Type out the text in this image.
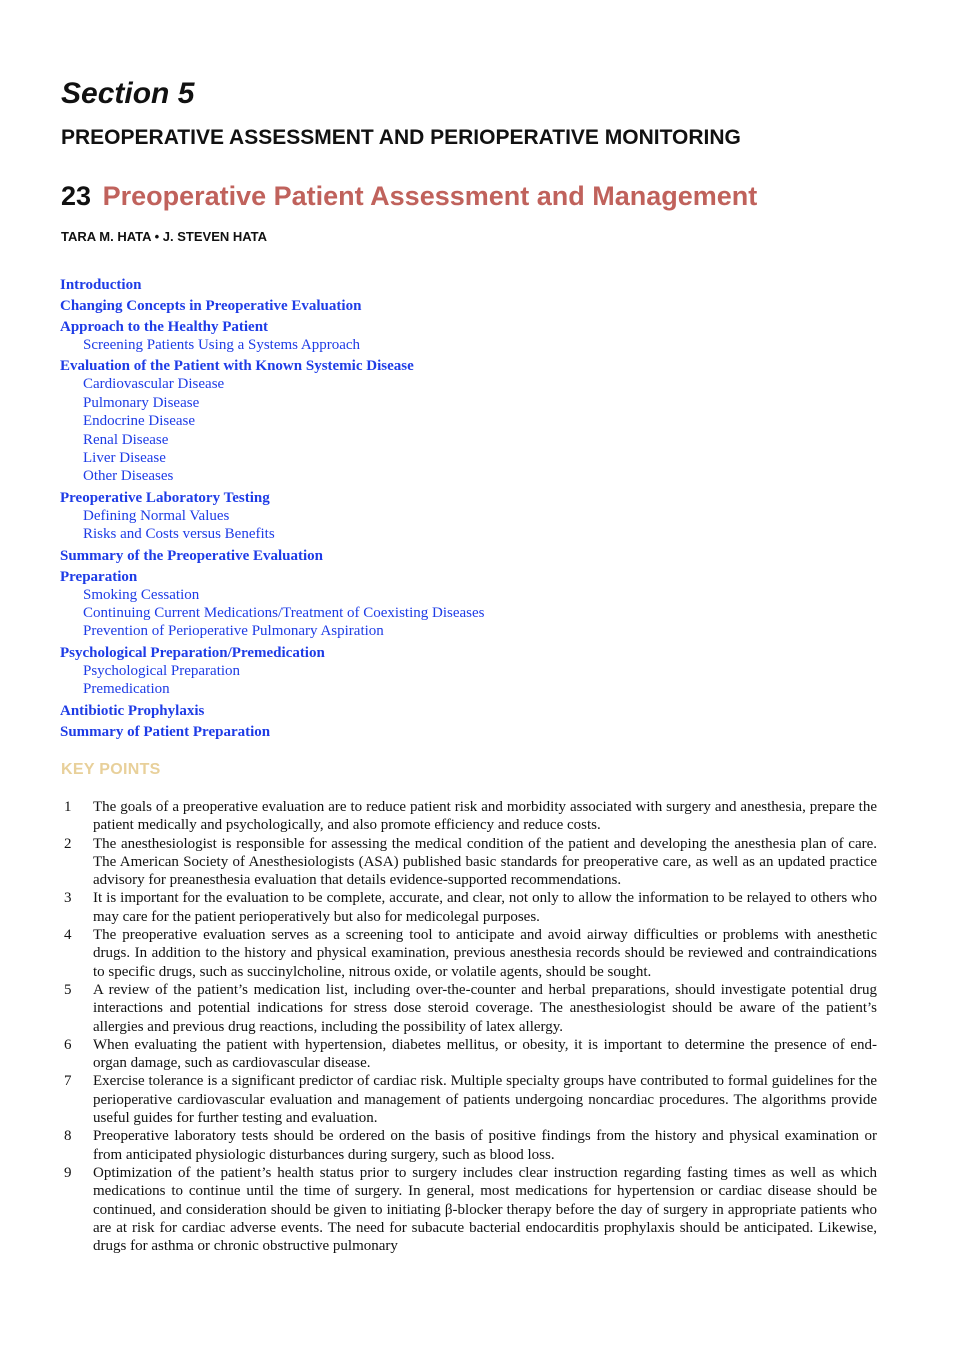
Section 5
PREOPERATIVE ASSESSMENT AND PERIOPERATIVE MONITORING
23 Preoperative Patient Assessment and Management

TARA M. HATA • J. STEVEN HATA

Introduction
Changing Concepts in Preoperative Evaluation
Approach to the Healthy Patient
Screening Patients Using a Systems Approach
Evaluation of the Patient with Known Systemic Disease
Cardiovascular Disease
Pulmonary Disease
Endocrine Disease
Renal Disease
Liver Disease
Other Diseases
Preoperative Laboratory Testing
Defining Normal Values
Risks and Costs versus Benefits
Summary of the Preoperative Evaluation
Preparation
Smoking Cessation
Continuing Current Medications/Treatment of Coexisting Diseases
Prevention of Perioperative Pulmonary Aspiration
Psychological Preparation/Premedication
Psychological Preparation
Premedication
Antibiotic Prophylaxis
Summary of Patient Preparation
KEY POINTS
1	The goals of a preoperative evaluation are to reduce patient risk and morbidity associated with surgery and anesthesia, prepare the patient medically and psychologically, and also promote efficiency and reduce costs.
2	The anesthesiologist is responsible for assessing the medical condition of the patient and developing the anesthesia plan of care. The American Society of Anesthesiologists (ASA) published basic standards for preoperative care, as well as an updated practice advisory for preanesthesia evaluation that details evidence-supported recommendations.
3	It is important for the evaluation to be complete, accurate, and clear, not only to allow the information to be relayed to others who may care for the patient perioperatively but also for medicolegal purposes.
4	The preoperative evaluation serves as a screening tool to anticipate and avoid airway difficulties or problems with anesthetic drugs. In addition to the history and physical examination, previous anesthesia records should be reviewed and contraindications to specific drugs, such as succinylcholine, nitrous oxide, or volatile agents, should be sought.
5	A review of the patient’s medication list, including over-the-counter and herbal preparations, should investigate potential drug interactions and potential indications for stress dose steroid coverage. The anesthesiologist should be aware of the patient’s allergies and previous drug reactions, including the possibility of latex allergy.
6	When evaluating the patient with hypertension, diabetes mellitus, or obesity, it is important to determine the presence of end-organ damage, such as cardiovascular disease.
7	Exercise tolerance is a significant predictor of cardiac risk. Multiple specialty groups have contributed to formal guidelines for the perioperative cardiovascular evaluation and management of patients undergoing noncardiac procedures. The algorithms provide useful guides for further testing and evaluation.
8	Preoperative laboratory tests should be ordered on the basis of positive findings from the history and physical examination or from anticipated physiologic disturbances during surgery, such as blood loss.
9	Optimization of the patient’s health status prior to surgery includes clear instruction regarding fasting times as well as which medications to continue until the time of surgery. In general, most medications for hypertension or cardiac disease should be continued, and consideration should be given to initiating β-blocker therapy before the day of surgery in appropriate patients who are at risk for cardiac adverse events. The need for subacute bacterial endocarditis prophylaxis should be anticipated. Likewise, drugs for asthma or chronic obstructive pulmonary
